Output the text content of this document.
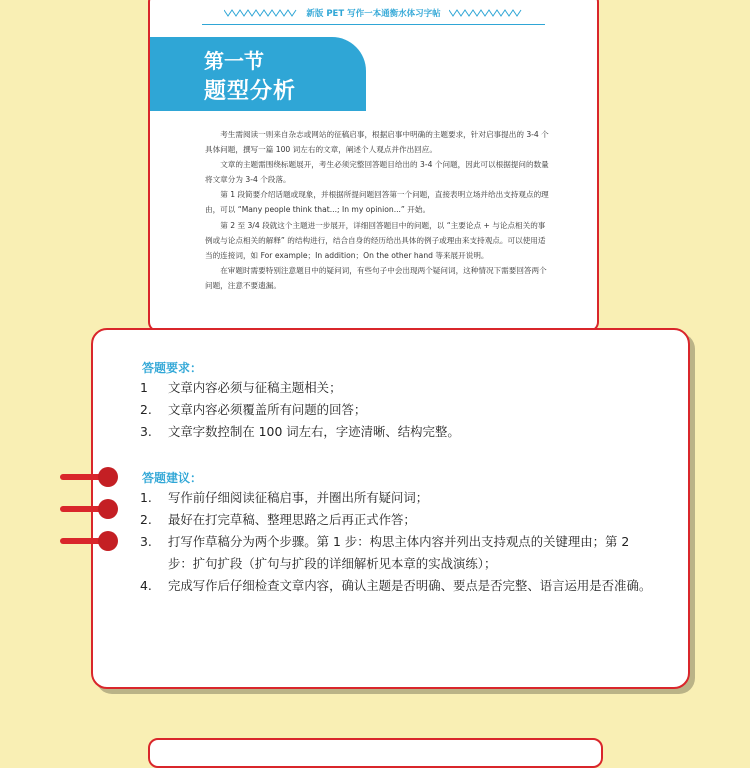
新版 PET 写作一本通衡水体习字帖
第一节
题型分析

考生需阅读一则来自杂志或网站的征稿启事，根据启事中明确的主题要求，针对启事提出的 3-4 个具体问题，撰写一篇 100 词左右的文章，阐述个人观点并作出回应。

文章的主题需围绕标题展开，考生必须完整回答题目给出的 3-4 个问题，因此可以根据提问的数量将文章分为 3-4 个段落。

第 1 段简要介绍话题或现象，并根据所提问题回答第一个问题，直接表明立场并给出支持观点的理由，可以 “Many people think that...; In my opinion...” 开始。

第 2 至 3/4 段就这个主题进一步展开，详细回答题目中的问题，以 “主要论点 + 与论点相关的事例或与论点相关的解释” 的结构进行，结合自身的经历给出具体的例子或理由来支持观点。可以使用适当的连接词，如 For example；In addition；On the other hand 等来展开说明。

在审题时需要特别注意题目中的疑问词，有些句子中会出现两个疑问词，这种情况下需要回答两个问题，注意不要遗漏。

答题要求：
1	文章内容必须与征稿主题相关；
2.	文章内容必须覆盖所有问题的回答；
3.	文章字数控制在 100 词左右，字迹清晰、结构完整。
答题建议：
1.	写作前仔细阅读征稿启事，并圈出所有疑问词；
2.	最好在打完草稿、整理思路之后再正式作答；
3.	打写作草稿分为两个步骤。第 1 步：构思主体内容并列出支持观点的关键理由；第 2 步：扩句扩段（扩句与扩段的详细解析见本章的实战演练）；
4.	完成写作后仔细检查文章内容，确认主题是否明确、要点是否完整、语言运用是否准确。
